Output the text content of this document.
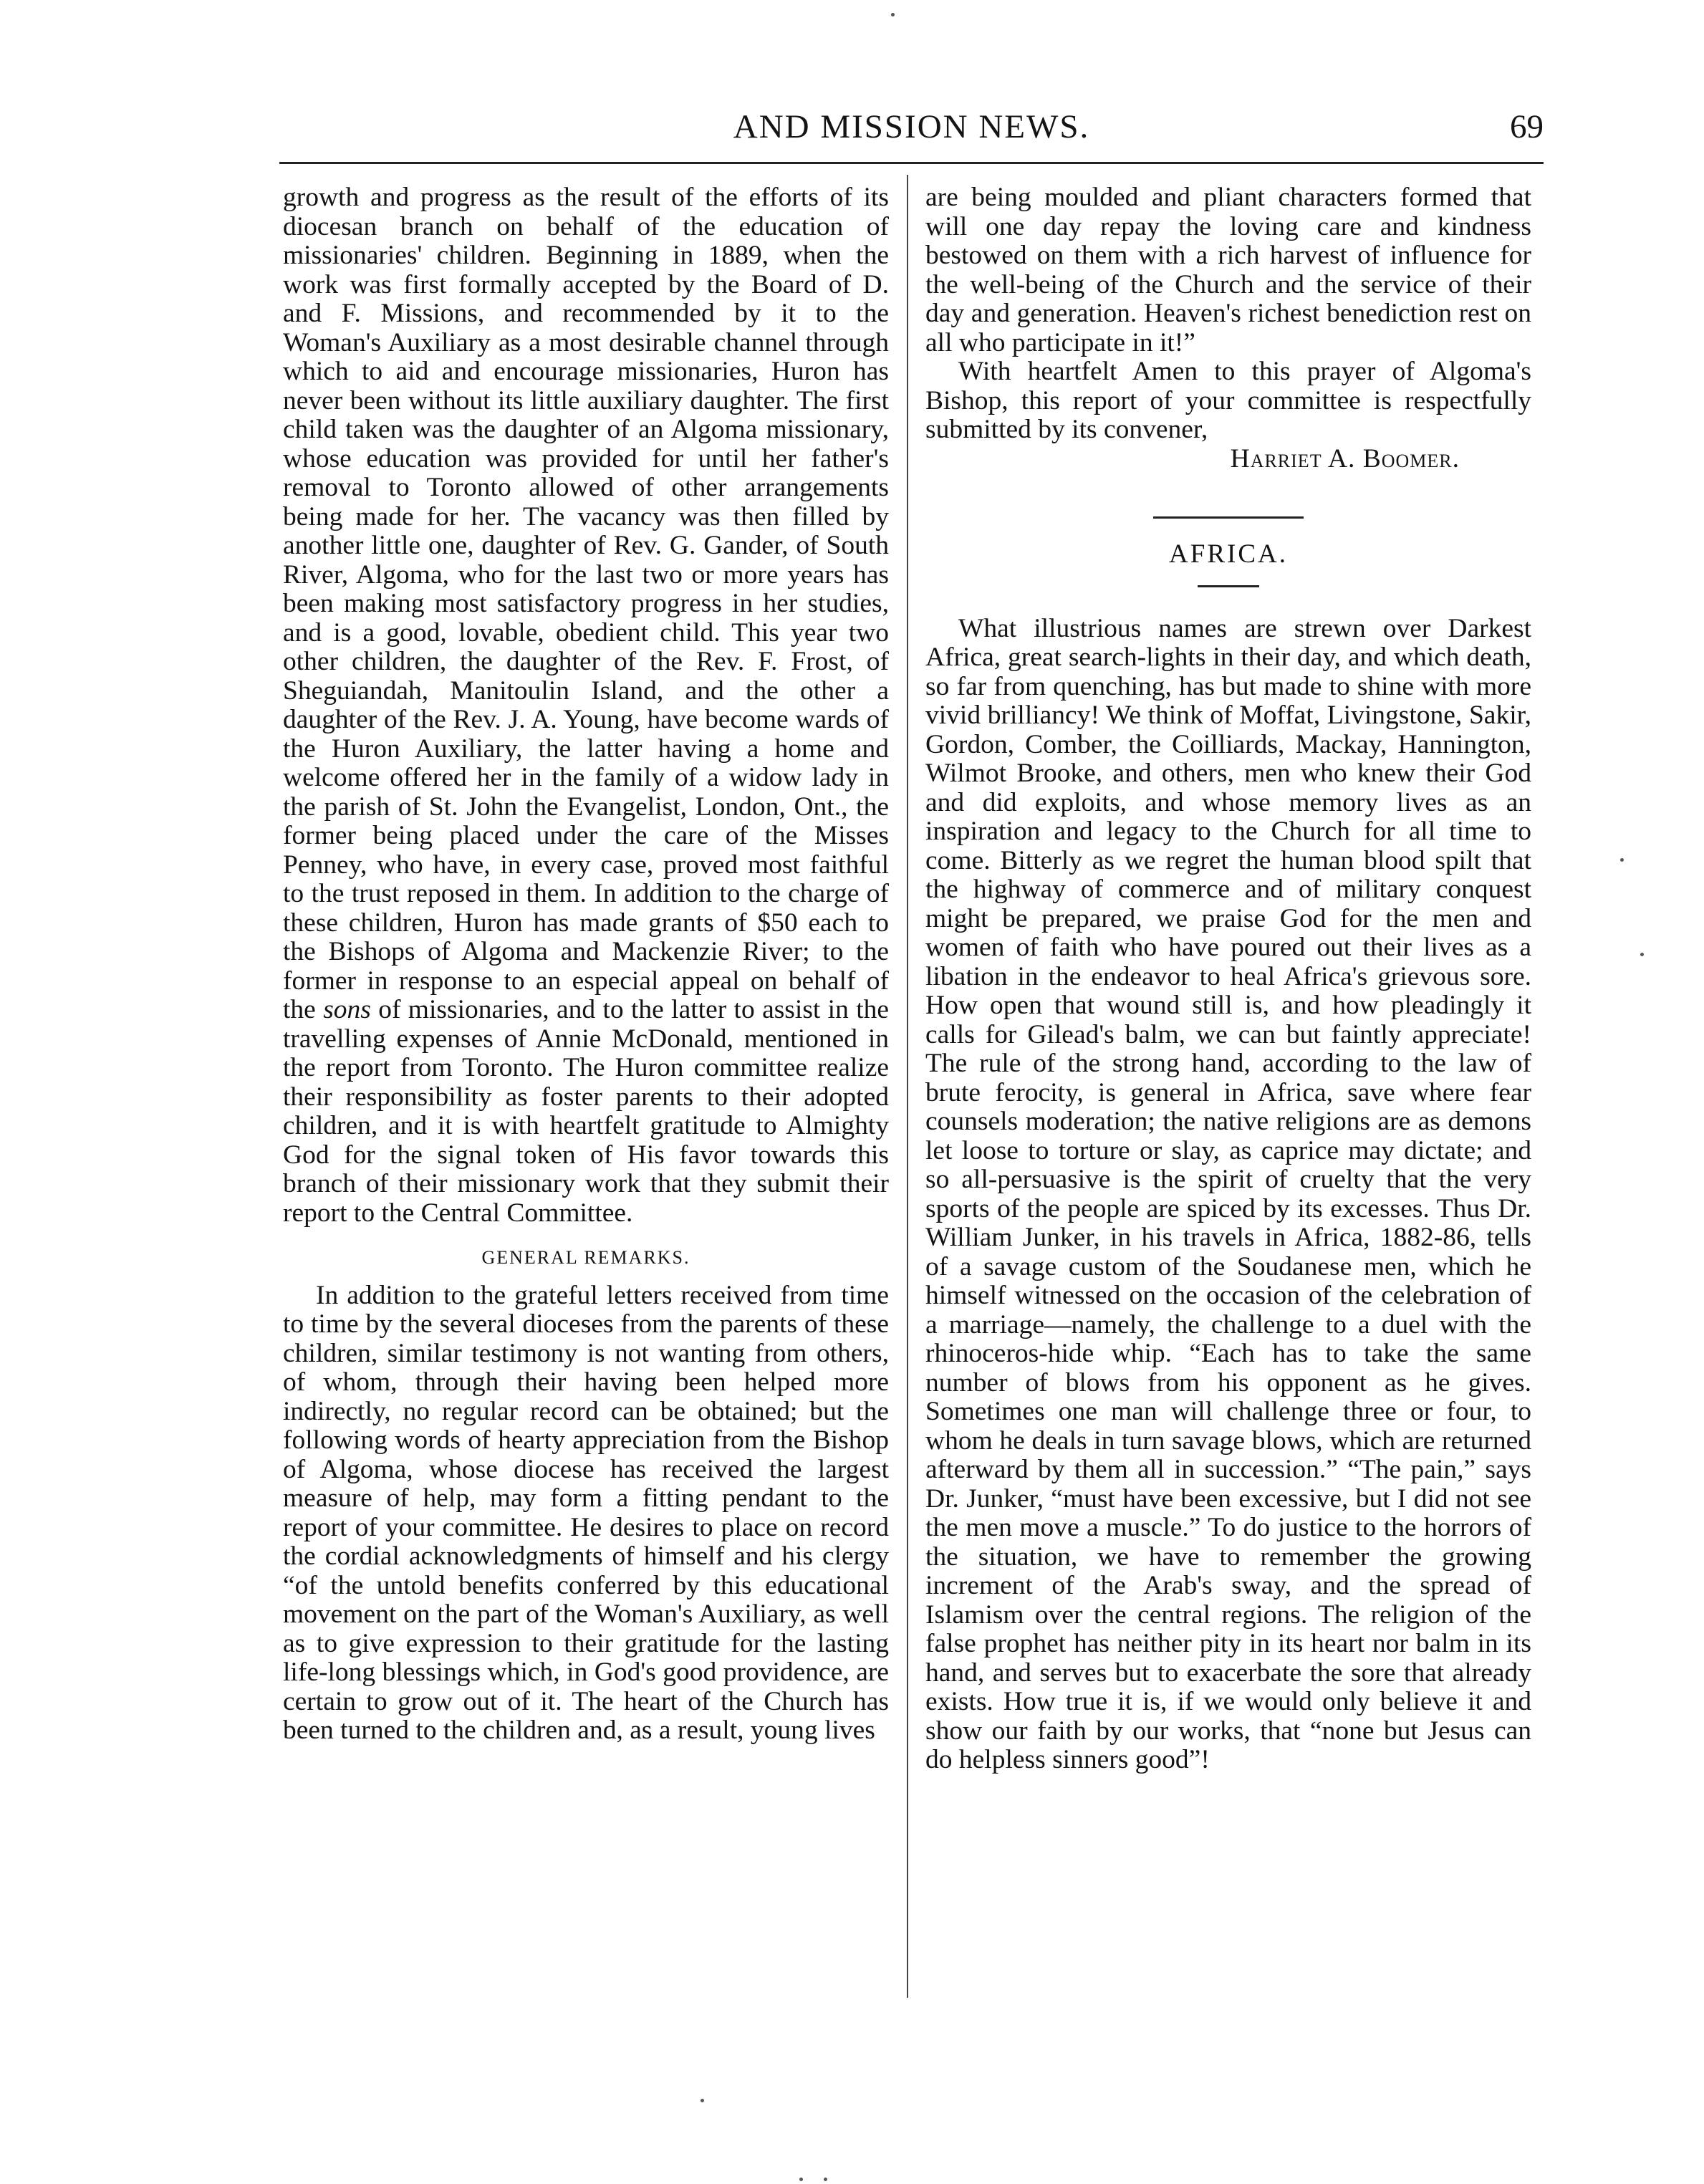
AND MISSION NEWS.	69

growth and progress as the result of the efforts of its diocesan branch on behalf of the education of missionaries' children. Beginning in 1889, when the work was first formally accepted by the Board of D. and F. Missions, and recommended by it to the Woman's Auxiliary as a most desirable channel through which to aid and encourage missionaries, Huron has never been without its little auxiliary daughter. The first child taken was the daughter of an Algoma missionary, whose education was provided for until her father's removal to Toronto allowed of other arrangements being made for her. The vacancy was then filled by another little one, daughter of Rev. G. Gander, of South River, Algoma, who for the last two or more years has been making most satisfactory progress in her studies, and is a good, lovable, obedient child. This year two other children, the daughter of the Rev. F. Frost, of Sheguiandah, Manitoulin Island, and the other a daughter of the Rev. J. A. Young, have become wards of the Huron Auxiliary, the latter having a home and welcome offered her in the family of a widow lady in the parish of St. John the Evangelist, London, Ont., the former being placed under the care of the Misses Penney, who have, in every case, proved most faithful to the trust reposed in them. In addition to the charge of these children, Huron has made grants of $50 each to the Bishops of Algoma and Mackenzie River; to the former in response to an especial appeal on behalf of the sons of missionaries, and to the latter to assist in the travelling expenses of Annie McDonald, mentioned in the report from Toronto. The Huron committee realize their responsibility as foster parents to their adopted children, and it is with heartfelt gratitude to Almighty God for the signal token of His favor towards this branch of their missionary work that they submit their report to the Central Committee.

GENERAL REMARKS.

In addition to the grateful letters received from time to time by the several dioceses from the parents of these children, similar testimony is not wanting from others, of whom, through their having been helped more indirectly, no regular record can be obtained; but the following words of hearty appreciation from the Bishop of Algoma, whose diocese has received the largest measure of help, may form a fitting pendant to the report of your committee. He desires to place on record the cordial acknowledgments of himself and his clergy “of the untold benefits conferred by this educational movement on the part of the Woman's Auxiliary, as well as to give expression to their gratitude for the lasting life-long blessings which, in God's good providence, are certain to grow out of it. The heart of the Church has been turned to the children and, as a result, young lives

are being moulded and pliant characters formed that will one day repay the loving care and kindness bestowed on them with a rich harvest of influence for the well-being of the Church and the service of their day and generation. Heaven's richest benediction rest on all who participate in it!”

With heartfelt Amen to this prayer of Algoma's Bishop, this report of your committee is respectfully submitted by its convener,

Harriet A. Boomer.

AFRICA.

What illustrious names are strewn over Darkest Africa, great search-lights in their day, and which death, so far from quenching, has but made to shine with more vivid brilliancy! We think of Moffat, Livingstone, Sakir, Gordon, Comber, the Coilliards, Mackay, Hannington, Wilmot Brooke, and others, men who knew their God and did exploits, and whose memory lives as an inspiration and legacy to the Church for all time to come. Bitterly as we regret the human blood spilt that the highway of commerce and of military conquest might be prepared, we praise God for the men and women of faith who have poured out their lives as a libation in the endeavor to heal Africa's grievous sore. How open that wound still is, and how pleadingly it calls for Gilead's balm, we can but faintly appreciate! The rule of the strong hand, according to the law of brute ferocity, is general in Africa, save where fear counsels moderation; the native religions are as demons let loose to torture or slay, as caprice may dictate; and so all-persuasive is the spirit of cruelty that the very sports of the people are spiced by its excesses. Thus Dr. William Junker, in his travels in Africa, 1882-86, tells of a savage custom of the Soudanese men, which he himself witnessed on the occasion of the celebration of a marriage—namely, the challenge to a duel with the rhinoceros-hide whip. “Each has to take the same number of blows from his opponent as he gives. Sometimes one man will challenge three or four, to whom he deals in turn savage blows, which are returned afterward by them all in succession.” “The pain,” says Dr. Junker, “must have been excessive, but I did not see the men move a muscle.” To do justice to the horrors of the situation, we have to remember the growing increment of the Arab's sway, and the spread of Islamism over the central regions. The religion of the false prophet has neither pity in its heart nor balm in its hand, and serves but to exacerbate the sore that already exists. How true it is, if we would only believe it and show our faith by our works, that “none but Jesus can do helpless sinners good”!
